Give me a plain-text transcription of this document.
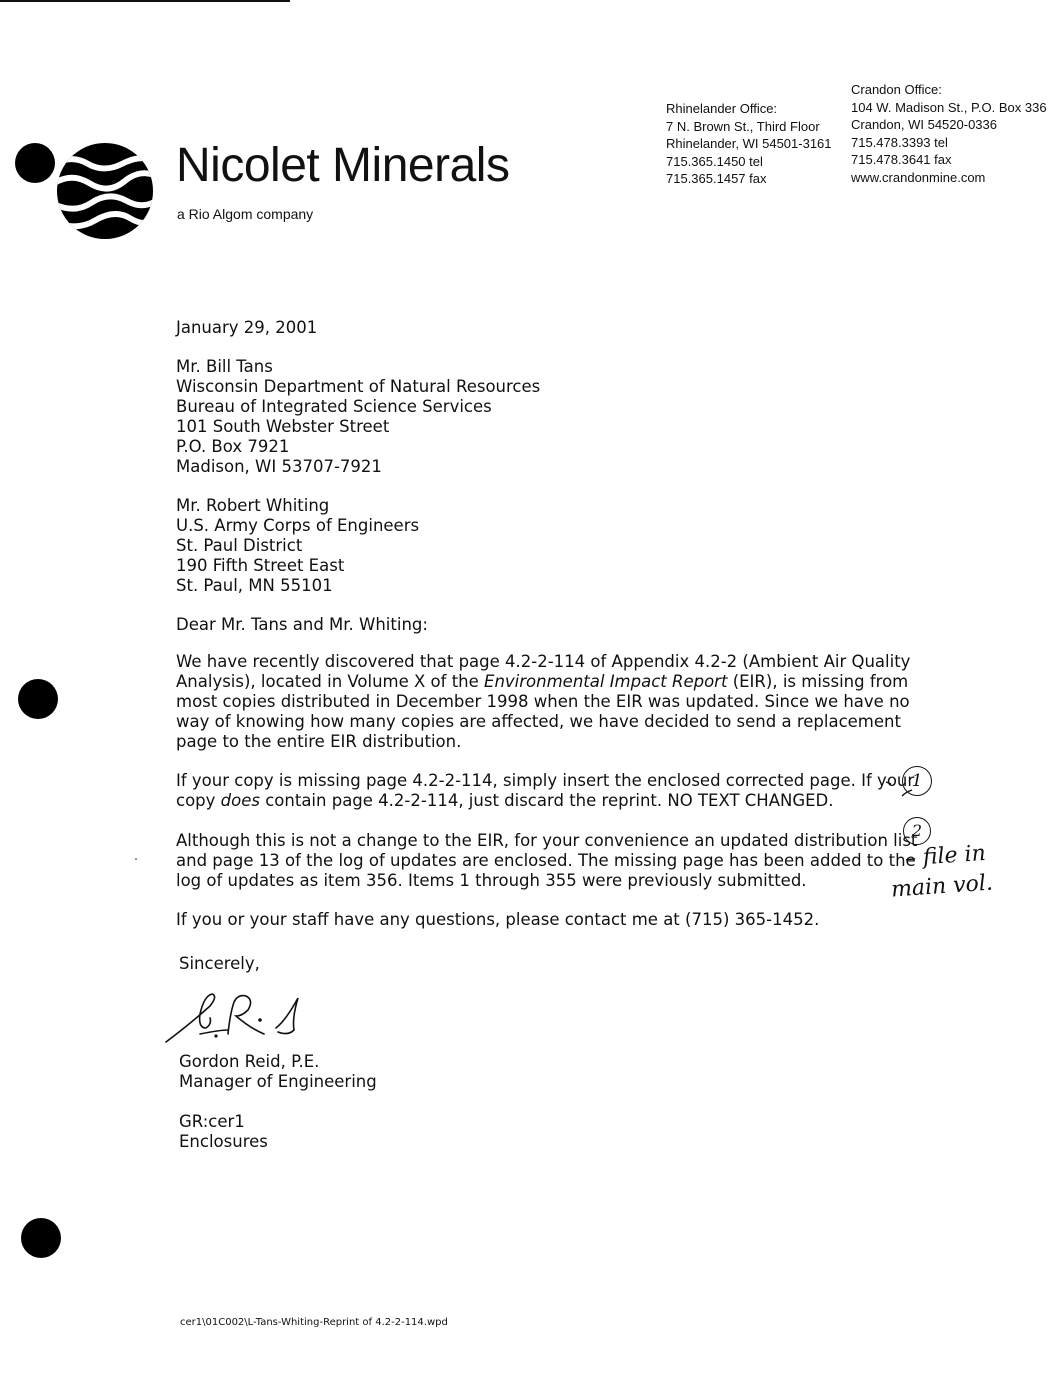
Nicolet Minerals
a Rio Algom company
Rhinelander Office:
7 N. Brown St., Third Floor
Rhinelander, WI 54501-3161
715.365.1450 tel
715.365.1457 fax
Crandon Office:
104 W. Madison St., P.O. Box 336
Crandon, WI 54520-0336
715.478.3393 tel
715.478.3641 fax
www.crandonmine.com
January 29, 2001
Mr. Bill Tans
Wisconsin Department of Natural Resources
Bureau of Integrated Science Services
101 South Webster Street
P.O. Box 7921
Madison, WI 53707-7921
Mr. Robert Whiting
U.S. Army Corps of Engineers
St. Paul District
190 Fifth Street East
St. Paul, MN 55101
Dear Mr. Tans and Mr. Whiting:
We have recently discovered that page 4.2-2-114 of Appendix 4.2-2 (Ambient Air Quality
Analysis), located in Volume X of the Environmental Impact Report (EIR), is missing from
most copies distributed in December 1998 when the EIR was updated. Since we have no
way of knowing how many copies are affected, we have decided to send a replacement
page to the entire EIR distribution.
If your copy is missing page 4.2-2-114, simply insert the enclosed corrected page. If your
copy does contain page 4.2-2-114, just discard the reprint. NO TEXT CHANGED.
Although this is not a change to the EIR, for your convenience an updated distribution list
and page 13 of the log of updates are enclosed. The missing page has been added to the
log of updates as item 356. Items 1 through 355 were previously submitted.
If you or your staff have any questions, please contact me at (715) 365-1452.
Sincerely,
Gordon Reid, P.E.
Manager of Engineering
GR:cer1
Enclosures
1
2
– file in
main vol.
cer1\01C002\L-Tans-Whiting-Reprint of 4.2-2-114.wpd
